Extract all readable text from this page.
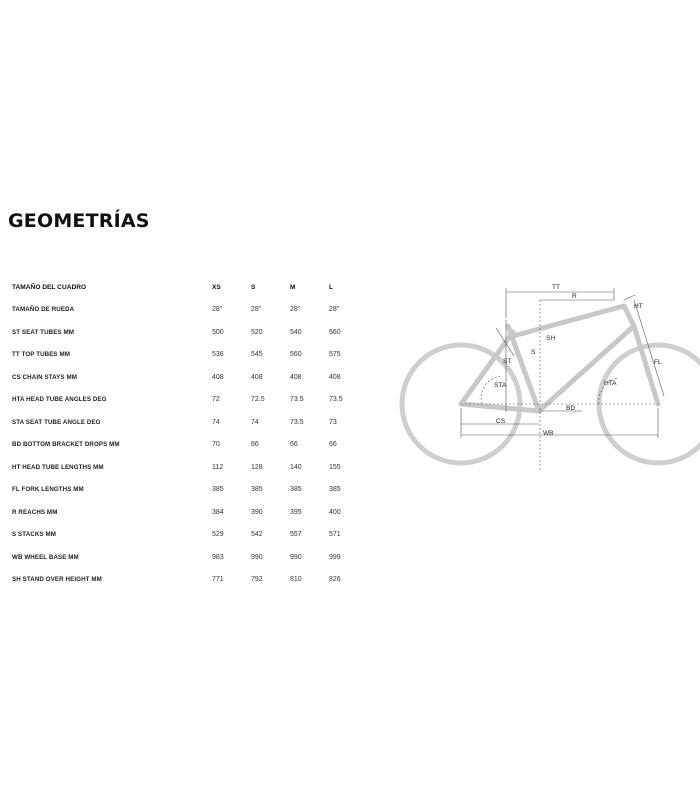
GEOMETRÍAS
TAMAÑO DEL CUADRO	XS	S	M	L
TAMAÑO DE RUEDA	28"	28"	28"	28"
ST SEAT TUBES MM	500	520	540	560
TT TOP TUBES MM	536	545	560	575
CS CHAIN STAYS MM	408	408	408	408
HTA HEAD TUBE ANGLES DEG	72	72.5	73.5	73.5
STA SEAT TUBE ANGLE DEG	74	74	73.5	73
BD BOTTOM BRACKET DROPS MM	70	66	66	66
HT HEAD TUBE LENGTHS MM	112	128	140	155
FL FORK LENGTHS MM	385	385	385	385
R REACHS MM	384	390	395	400
S STACKS MM	529	542	557	571
WB WHEEL BASE MM	983	990	990	999
SH STAND OVER HEIGHT MM	771	792	810	826
TT
R
HT
ST
S
SH
STA	HTA
FL
BD
CS
WB
